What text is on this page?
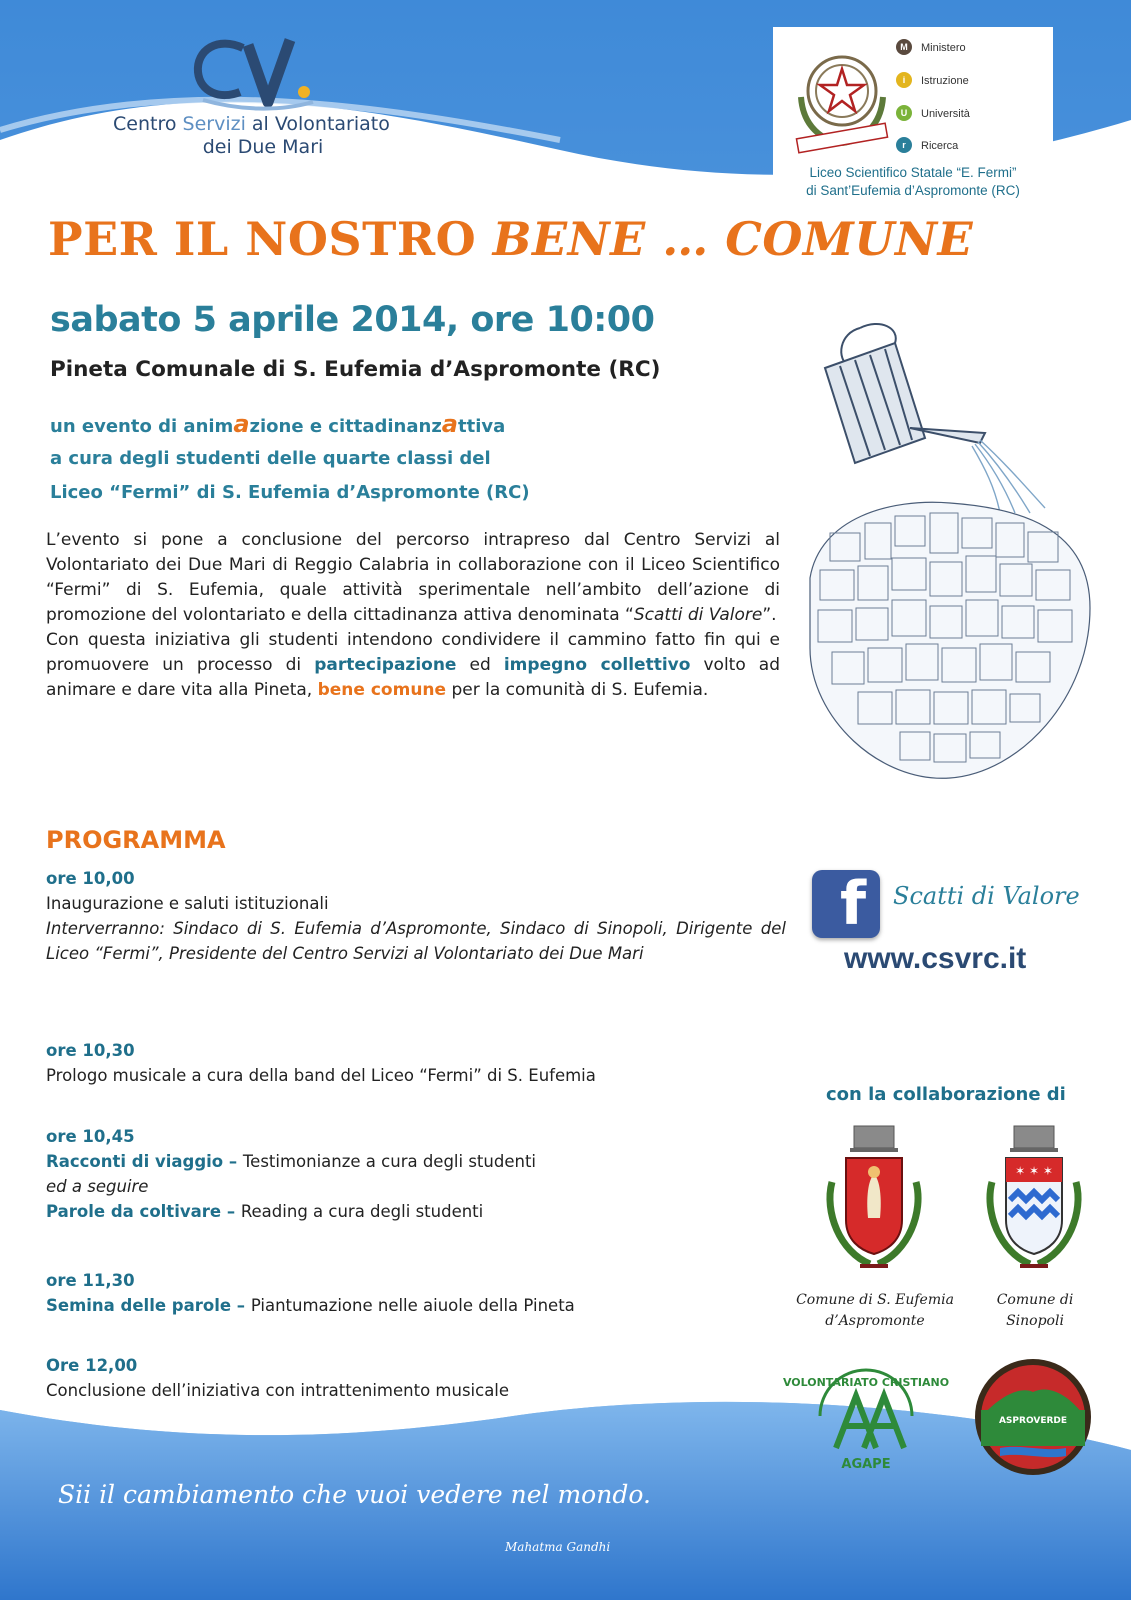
Centro Servizi al Volontariato
dei Due Mari
M	Ministero
i	Istruzione
U	Università
r	Ricerca
Liceo Scientifico Statale “E. Fermi”
di Sant’Eufemia d’Aspromonte (RC)
PER IL NOSTRO BENE … COMUNE
sabato 5 aprile 2014, ore 10:00
Pineta Comunale di S. Eufemia d’Aspromonte (RC)
un evento di animazione e cittadinanzattiva
a cura degli studenti delle quarte classi del
Liceo “Fermi” di S. Eufemia d’Aspromonte (RC)

L’evento si pone a conclusione del percorso intrapreso dal Centro Servizi al Volontariato dei Due Mari di Reggio Calabria in collaborazione con il Liceo Scientifico “Fermi” di S. Eufemia, quale attività sperimentale nell’ambito dell’azione di promozione del volontariato e della cittadinanza attiva denominata “Scatti di Valore”.

Con questa iniziativa gli studenti intendono condividere il cammino fatto fin qui e promuovere un processo di partecipazione ed impegno collettivo volto ad animare e dare vita alla Pineta, bene comune per la comunità di S. Eufemia.

PROGRAMMA
ore 10,00
Inaugurazione e saluti istituzionali
Interverranno: Sindaco di S. Eufemia d’Aspromonte, Sindaco di Sinopoli, Dirigente del Liceo “Fermi”, Presidente del Centro Servizi al Volontariato dei Due Mari
ore 10,30
Prologo musicale a cura della band del Liceo “Fermi” di S. Eufemia
ore 10,45
Racconti di viaggio – Testimonianze a cura degli studenti
ed a seguire
Parole da coltivare – Reading a cura degli studenti
ore 11,30
Semina delle parole – Piantumazione nelle aiuole della Pineta
Ore 12,00
Conclusione dell’iniziativa con intrattenimento musicale
f Scatti di Valore
www.csvrc.it
con la collaborazione di
Comune di S. Eufemia
d’Aspromonte
✶ ✶ ✶
Comune di
Sinopoli
VOLONTARIATO CRISTIANO
AGAPE
ASPROVERDE
Sii il cambiamento che vuoi vedere nel mondo.
Mahatma Gandhi
